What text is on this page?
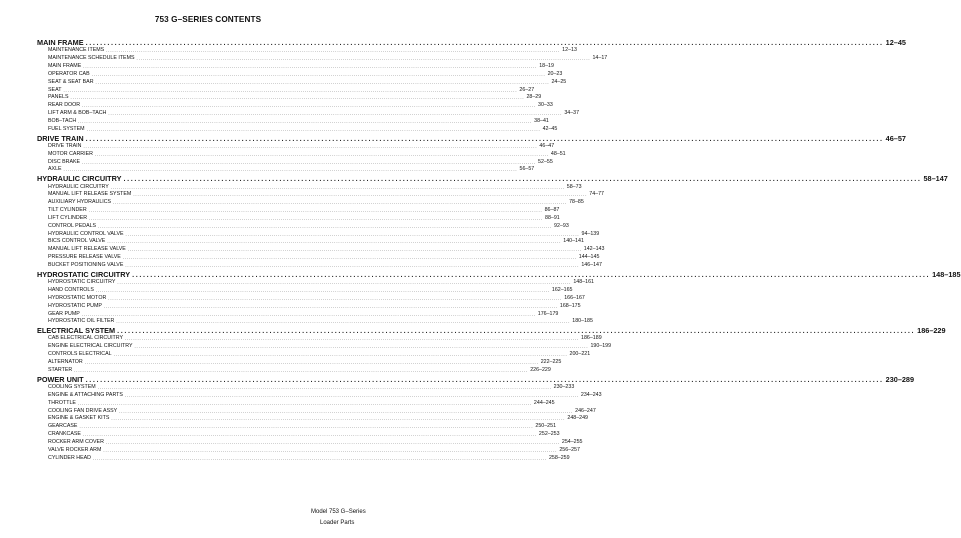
753 G–SERIES CONTENTS
MAIN FRAME ............................................................................................................................................................................................................................ 12–45
MAINTENANCE ITEMS ............................................................................................................................................................................................................................ 12–13
MAINTENANCE SCHEDULE ITEMS ............................................................................................................................................................................................................................ 14–17
MAIN FRAME ............................................................................................................................................................................................................................ 18–19
OPERATOR CAB ............................................................................................................................................................................................................................ 20–23
SEAT & SEAT BAR ............................................................................................................................................................................................................................ 24–25
SEAT ............................................................................................................................................................................................................................ 26–27
PANELS ............................................................................................................................................................................................................................ 28–29
REAR DOOR ............................................................................................................................................................................................................................ 30–33
LIFT ARM & BOB–TACH ............................................................................................................................................................................................................................ 34–37
BOB–TACH ............................................................................................................................................................................................................................ 38–41
FUEL SYSTEM ............................................................................................................................................................................................................................ 42–45
DRIVE TRAIN ............................................................................................................................................................................................................................ 46–57
DRIVE TRAIN ............................................................................................................................................................................................................................ 46–47
MOTOR CARRIER ............................................................................................................................................................................................................................ 48–51
DISC BRAKE ............................................................................................................................................................................................................................ 52–55
AXLE ............................................................................................................................................................................................................................ 56–57
HYDRAULIC CIRCUITRY ............................................................................................................................................................................................................................ 58–147
HYDRAULIC CIRCUITRY ............................................................................................................................................................................................................................ 58–73
MANUAL LIFT RELEASE SYSTEM ............................................................................................................................................................................................................................ 74–77
AUXILIARY HYDRAULICS ............................................................................................................................................................................................................................ 78–85
TILT CYLINDER ............................................................................................................................................................................................................................ 86–87
LIFT CYLINDER ............................................................................................................................................................................................................................ 88–91
CONTROL PEDALS ............................................................................................................................................................................................................................ 92–93
HYDRAULIC CONTROL VALVE ............................................................................................................................................................................................................................ 94–139
BICS CONTROL VALVE ............................................................................................................................................................................................................................ 140–141
MANUAL LIFT RELEASE VALVE ............................................................................................................................................................................................................................ 142–143
PRESSURE RELEASE VALVE ............................................................................................................................................................................................................................ 144–145
BUCKET POSITIONING VALVE ............................................................................................................................................................................................................................ 146–147
HYDROSTATIC CIRCUITRY ............................................................................................................................................................................................................................ 148–185
HYDROSTATIC CIRCUITRY ............................................................................................................................................................................................................................ 148–161
HAND CONTROLS ............................................................................................................................................................................................................................ 162–165
HYDROSTATIC MOTOR ............................................................................................................................................................................................................................ 166–167
HYDROSTATIC PUMP ............................................................................................................................................................................................................................ 168–175
GEAR PUMP ............................................................................................................................................................................................................................ 176–179
HYDROSTATIC OIL FILTER ............................................................................................................................................................................................................................ 180–185
ELECTRICAL SYSTEM ............................................................................................................................................................................................................................ 186–229
CAB ELECTRICAL CIRCUITRY ............................................................................................................................................................................................................................ 186–189
ENGINE ELECTRICAL CIRCUITRY ............................................................................................................................................................................................................................ 190–199
CONTROLS ELECTRICAL ............................................................................................................................................................................................................................ 200–221
ALTERNATOR ............................................................................................................................................................................................................................ 222–225
STARTER ............................................................................................................................................................................................................................ 226–229
POWER UNIT ............................................................................................................................................................................................................................ 230–289
COOLING SYSTEM ............................................................................................................................................................................................................................ 230–233
ENGINE & ATTACHING PARTS ............................................................................................................................................................................................................................ 234–243
THROTTLE ............................................................................................................................................................................................................................ 244–245
COOLING FAN DRIVE ASSY ............................................................................................................................................................................................................................ 246–247
ENGINE & GASKET KITS ............................................................................................................................................................................................................................ 248–249
GEARCASE ............................................................................................................................................................................................................................ 250–251
CRANKCASE ............................................................................................................................................................................................................................ 252–253
ROCKER ARM COVER ............................................................................................................................................................................................................................ 254–255
VALVE ROCKER ARM ............................................................................................................................................................................................................................ 256–257
CYLINDER HEAD ............................................................................................................................................................................................................................ 258–259
Model 753 G–Series
Loader Parts
